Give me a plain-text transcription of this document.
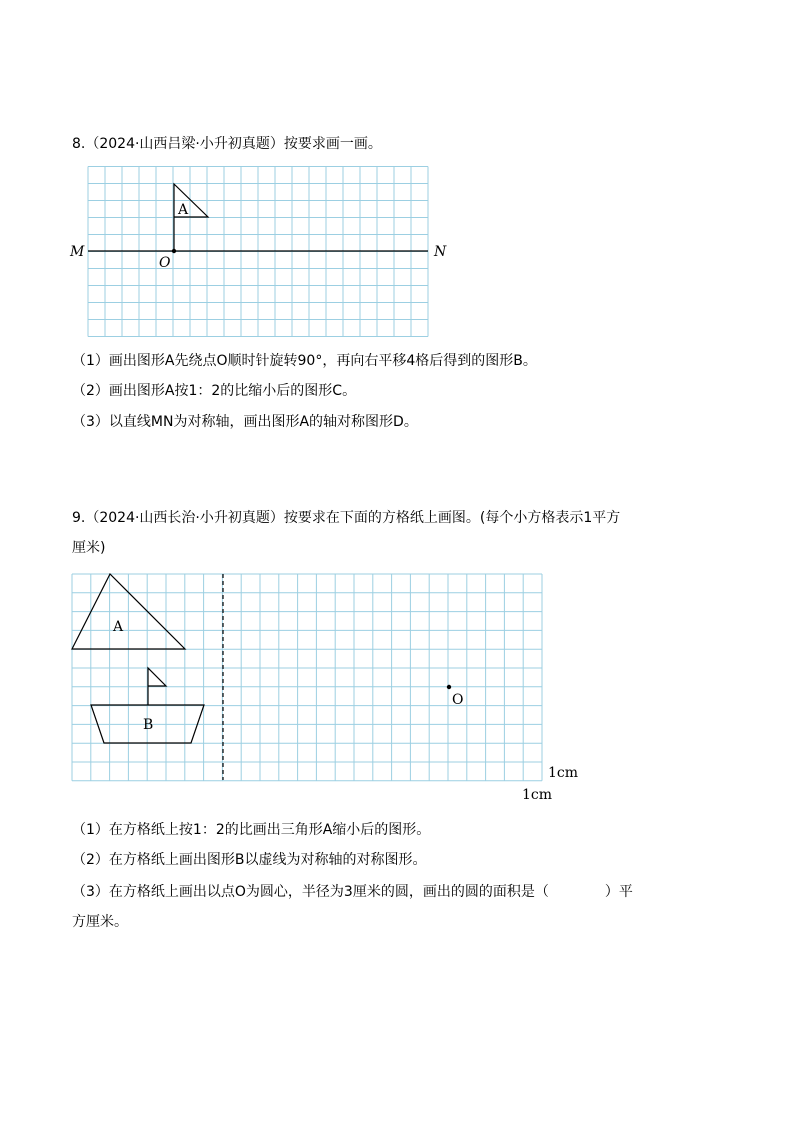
8.（2024·山西吕梁·小升初真题）按要求画一画。
A
M	N
O
（1）画出图形A先绕点O顺时针旋转90°，再向右平移4格后得到的图形B。
（2）画出图形A按1：2的比缩小后的图形C。
（3）以直线MN为对称轴，画出图形A的轴对称图形D。
9.（2024·山西长治·小升初真题）按要求在下面的方格纸上画图。(每个小方格表示1平方
厘米)
A
B
O
1cm
1cm
（1）在方格纸上按1：2的比画出三角形A缩小后的图形。
（2）在方格纸上画出图形B以虚线为对称轴的对称图形。
（3）在方格纸上画出以点O为圆心，半径为3厘米的圆，画出的圆的面积是（　　　　）平
方厘米。
